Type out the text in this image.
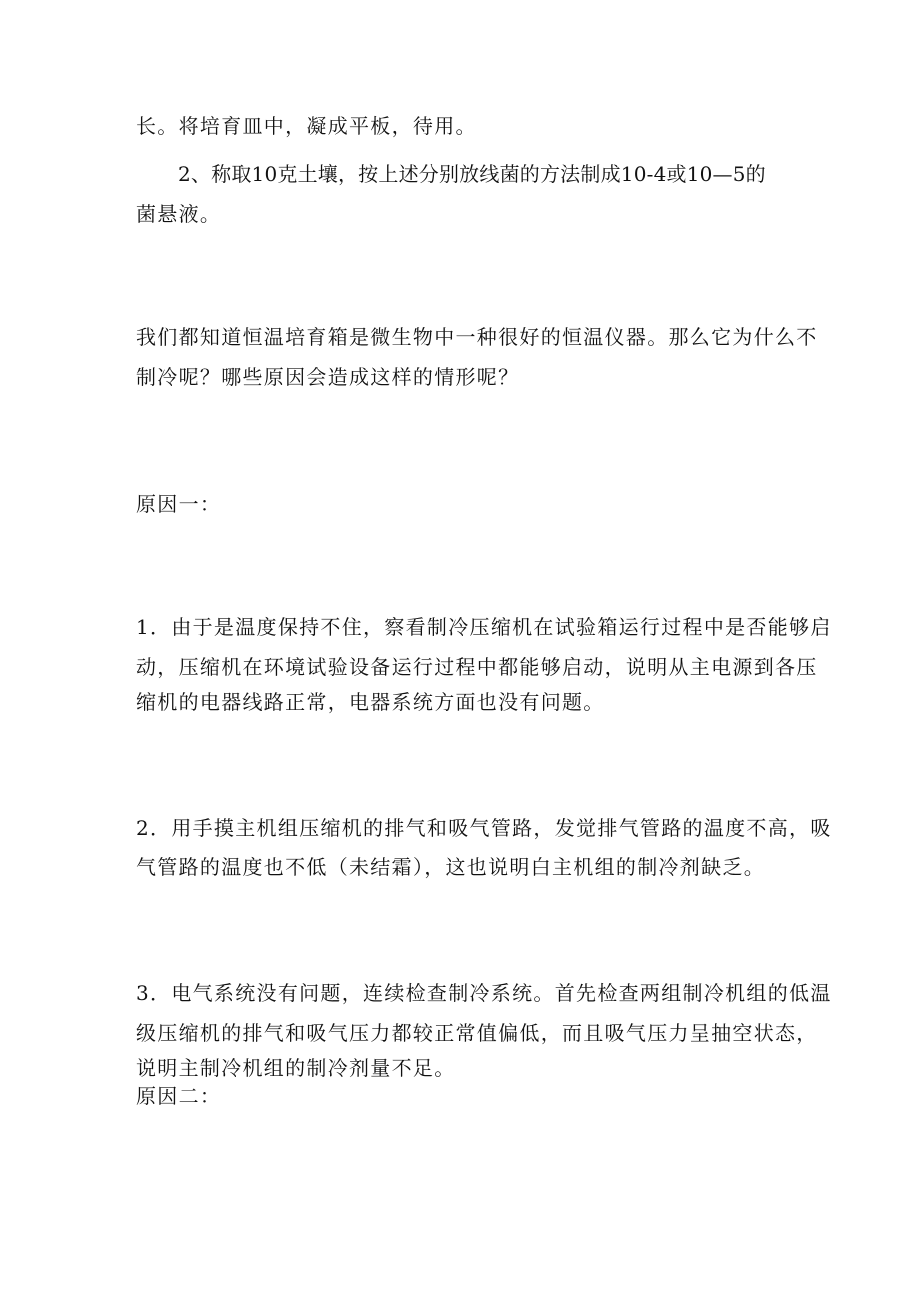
长。将培育皿中，凝成平板，待用。
2、称取10克土壤，按上述分别放线菌的方法制成10-4或10—5的
菌悬液。
我们都知道恒温培育箱是微生物中一种很好的恒温仪器。那么它为什么不
制冷呢？哪些原因会造成这样的情形呢？
原因一：
1．由于是温度保持不住，察看制冷压缩机在试验箱运行过程中是否能够启
动，压缩机在环境试验设备运行过程中都能够启动，说明从主电源到各压
缩机的电器线路正常，电器系统方面也没有问题。
2．用手摸主机组压缩机的排气和吸气管路，发觉排气管路的温度不高，吸
气管路的温度也不低（未结霜），这也说明白主机组的制冷剂缺乏。
3．电气系统没有问题，连续检查制冷系统。首先检查两组制冷机组的低温
级压缩机的排气和吸气压力都较正常值偏低，而且吸气压力呈抽空状态，
说明主制冷机组的制冷剂量不足。
原因二：
